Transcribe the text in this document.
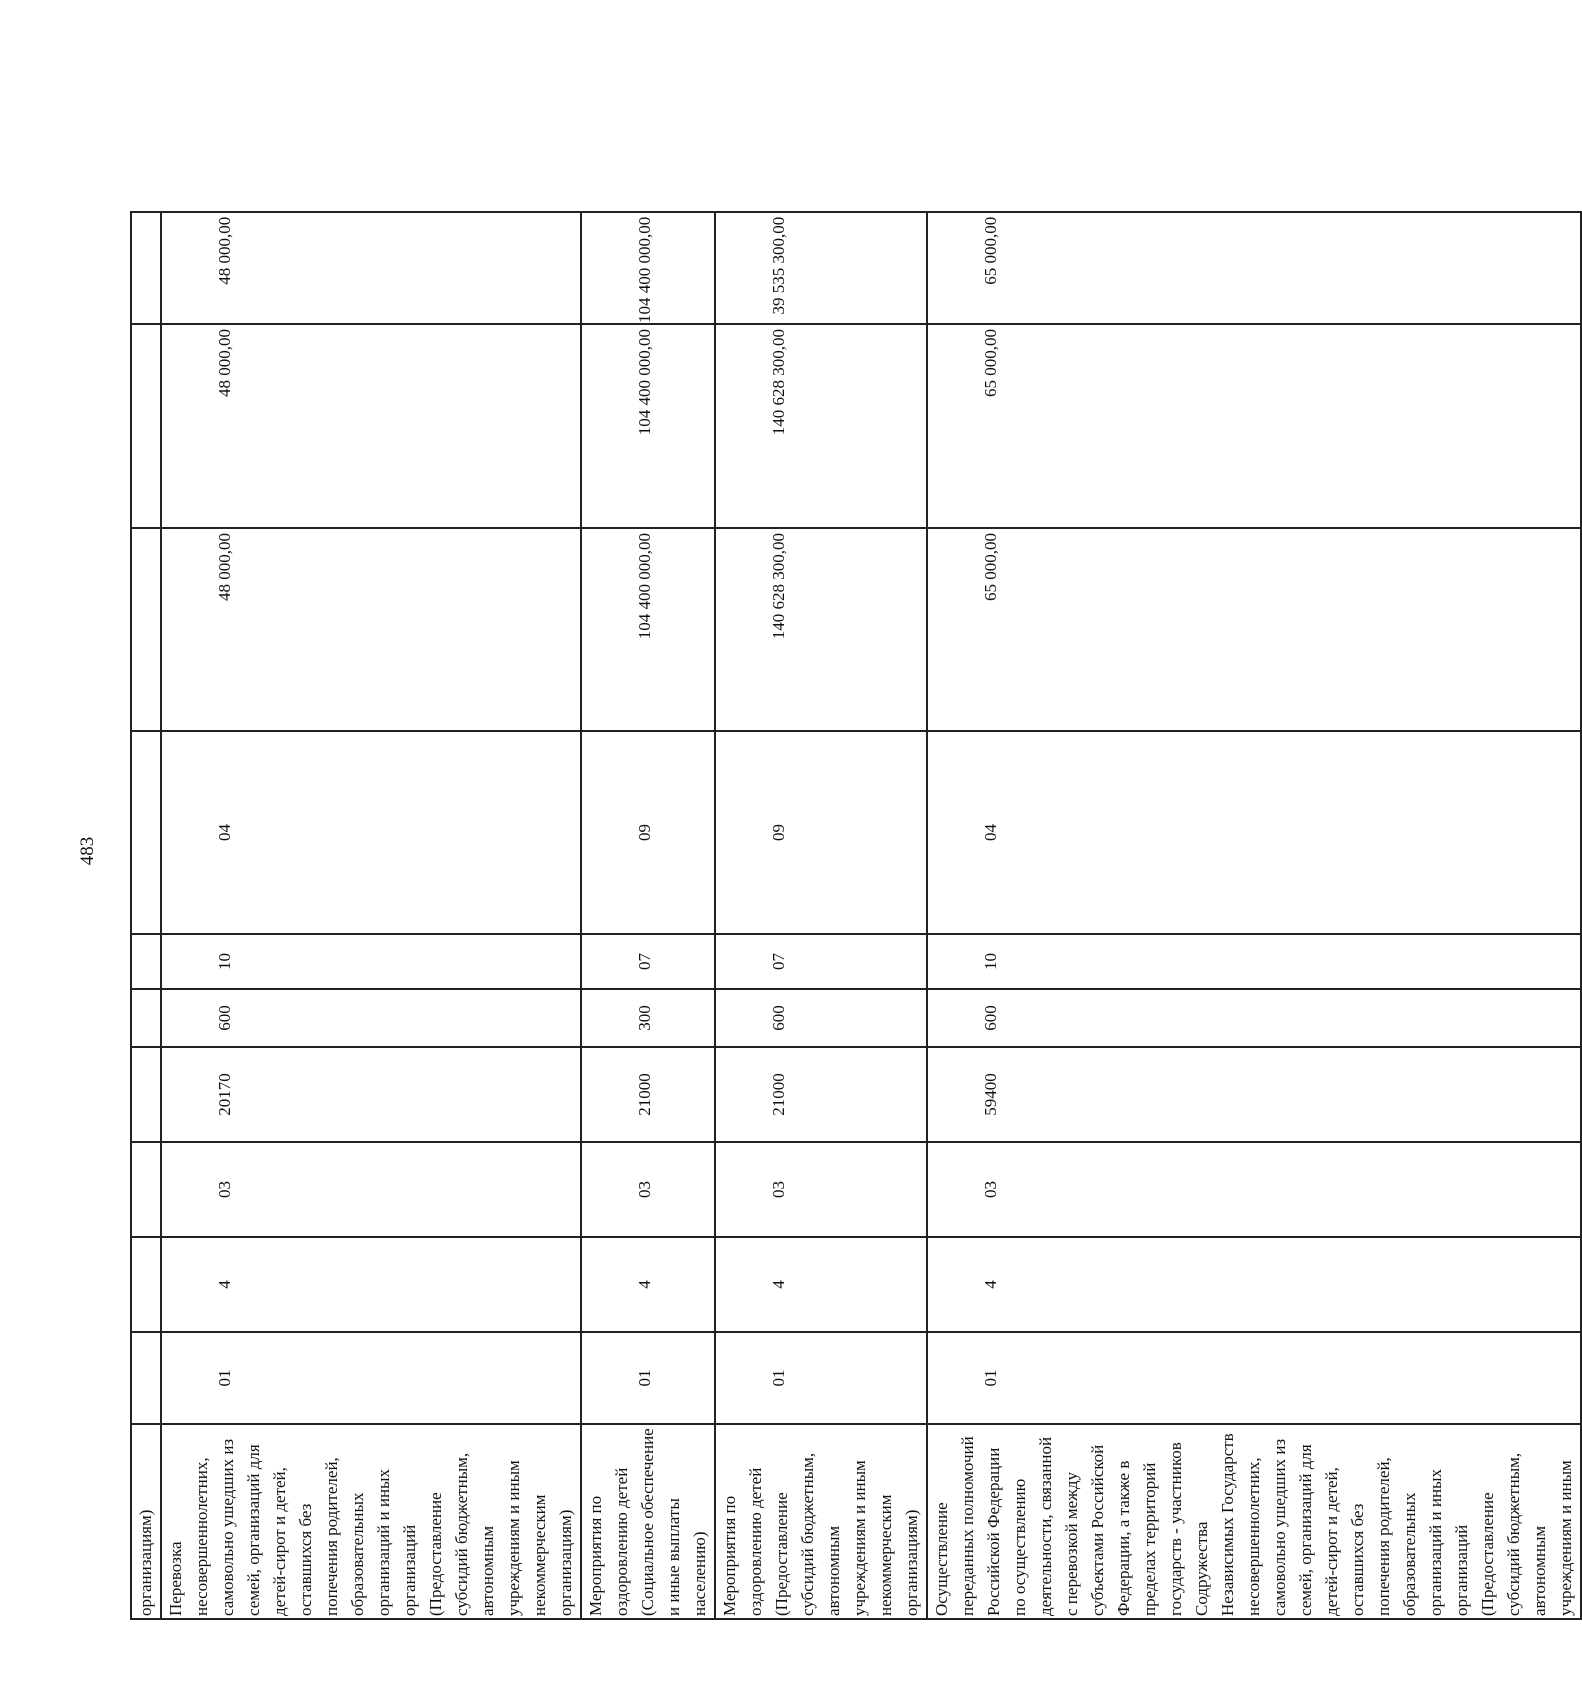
483
организациям)										
Перевозка несовершеннолетних, самовольно ушедших из семей, организаций для детей-сирот и детей, оставшихся без попечения родителей, образовательных организаций и иных организаций (Предоставление субсидий бюджетным, автономным учреждениям и иным некоммерческим организациям)	01	4	03	20170	600	10	04	48 000,00	48 000,00	48 000,00
Мероприятия по оздоровлению детей (Социальное обеспечение и иные выплаты населению)	01	4	03	21000	300	07	09	104 400 000,00	104 400 000,00	104 400 000,00
Мероприятия по оздоровлению детей (Предоставление субсидий бюджетным, автономным учреждениям и иным некоммерческим организациям)	01	4	03	21000	600	07	09	140 628 300,00	140 628 300,00	39 535 300,00
Осуществление переданных полномочий Российской Федерации по осуществлению деятельности, связанной с перевозкой между субъектами Российской Федерации, а также в пределах территорий государств - участников Содружества Независимых Государств несовершеннолетних, самовольно ушедших из семей, организаций для детей-сирот и детей, оставшихся без попечения родителей, образовательных организаций и иных организаций (Предоставление субсидий бюджетным, автономным учреждениям и иным	01	4	03	59400	600	10	04	65 000,00	65 000,00	65 000,00
